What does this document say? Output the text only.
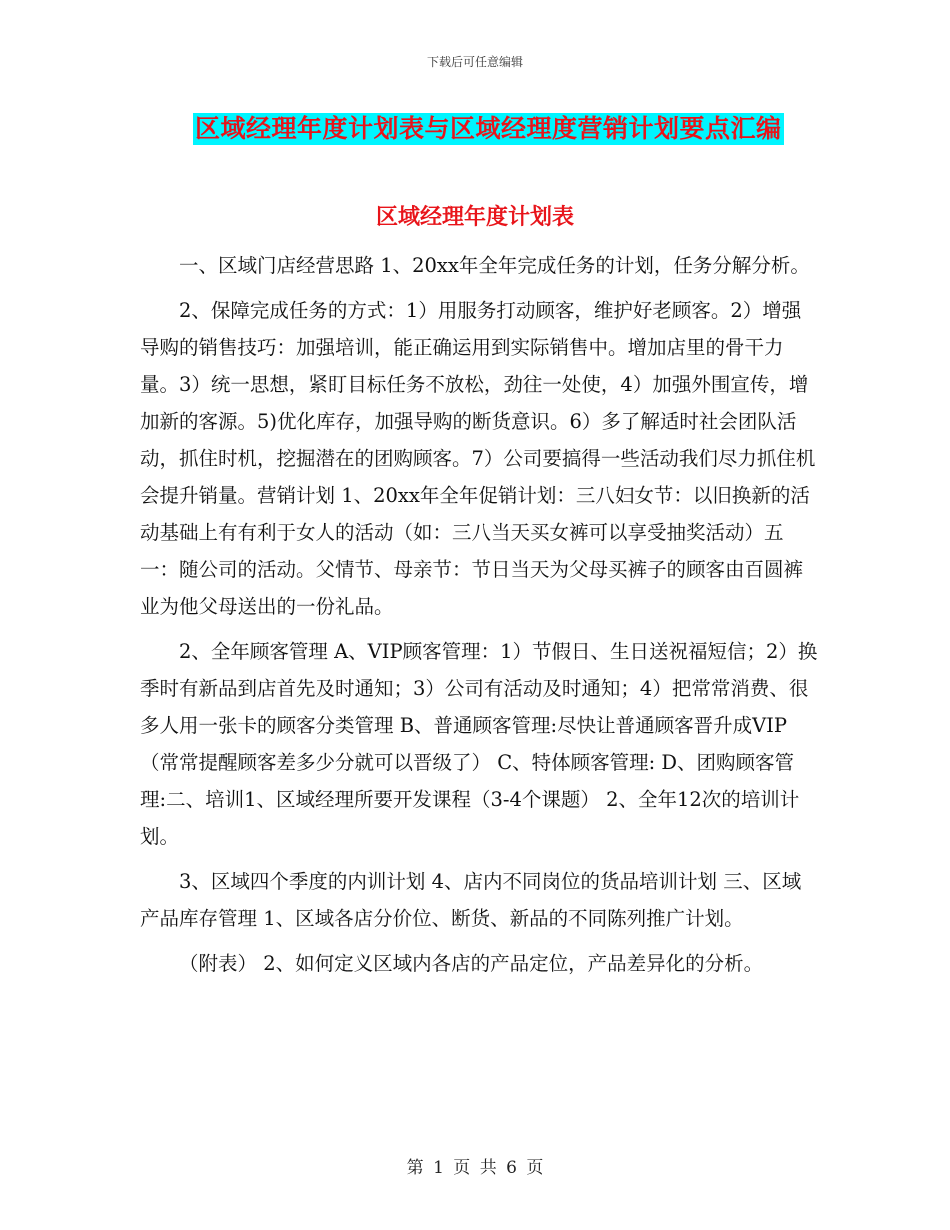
下载后可任意编辑
区域经理年度计划表与区域经理度营销计划要点汇编
区域经理年度计划表

一、区域门店经营思路 1、20xx年全年完成任务的计划，任务分解分析。

2、保障完成任务的方式：1）用服务打动顾客，维护好老顾客。2）增强导购的销售技巧：加强培训，能正确运用到实际销售中。增加店里的骨干力量。3）统一思想，紧盯目标任务不放松，劲往一处使，4）加强外围宣传，增加新的客源。5)优化库存，加强导购的断货意识。6）多了解适时社会团队活动，抓住时机，挖掘潜在的团购顾客。7）公司要搞得一些活动我们尽力抓住机会提升销量。营销计划 1、20xx年全年促销计划：三八妇女节：以旧换新的活动基础上有有利于女人的活动（如：三八当天买女裤可以享受抽奖活动）五一：随公司的活动。父情节、母亲节：节日当天为父母买裤子的顾客由百圆裤业为他父母送出的一份礼品。

2、全年顾客管理 A、VIP顾客管理：1）节假日、生日送祝福短信；2）换季时有新品到店首先及时通知；3）公司有活动及时通知；4）把常常消费、很多人用一张卡的顾客分类管理 B、普通顾客管理:尽快让普通顾客晋升成VIP（常常提醒顾客差多少分就可以晋级了） C、特体顾客管理: D、团购顾客管理:二、培训1、区域经理所要开发课程（3-4个课题） 2、全年12次的培训计划。

3、区域四个季度的内训计划 4、店内不同岗位的货品培训计划 三、区域产品库存管理 1、区域各店分价位、断货、新品的不同陈列推广计划。

（附表） 2、如何定义区域内各店的产品定位，产品差异化的分析。

第 1 页 共 6 页
